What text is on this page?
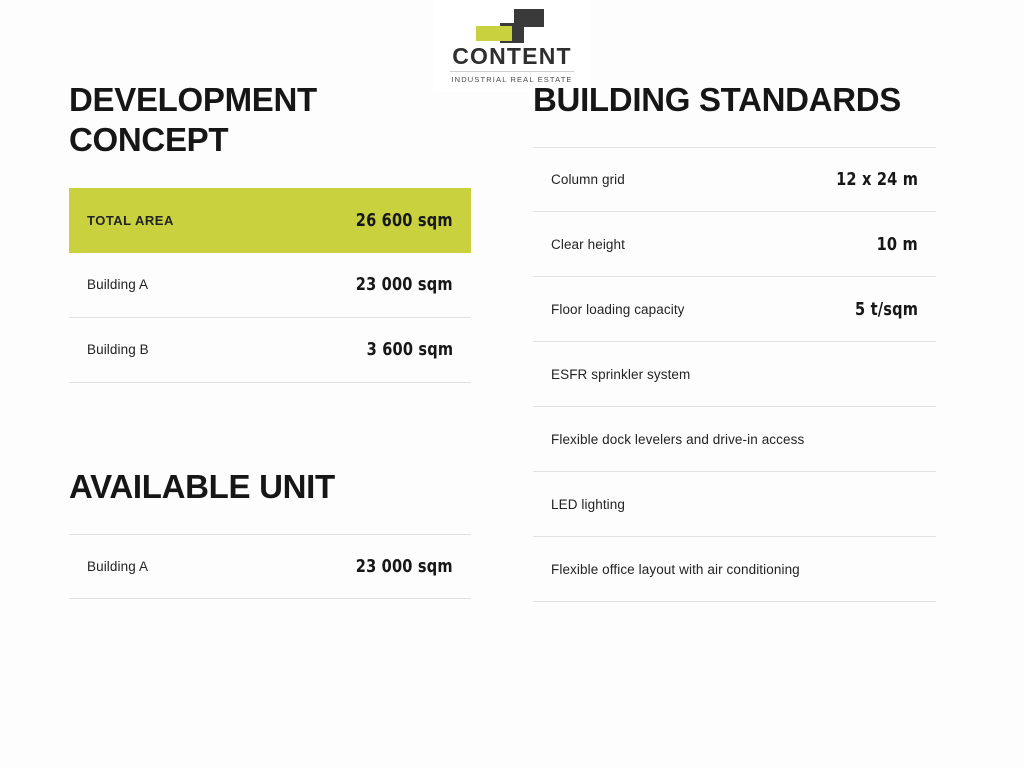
CONTENT
INDUSTRIAL REAL ESTATE
DEVELOPMENT CONCEPT
TOTAL AREA	26 600 sqm
Building A	23 000 sqm
Building B	3 600 sqm
AVAILABLE UNIT
Building A	23 000 sqm
BUILDING STANDARDS
Column grid	12 x 24 m
Clear height	10 m
Floor loading capacity	5 t/sqm
ESFR sprinkler system
Flexible dock levelers and drive-in access
LED lighting
Flexible office layout with air conditioning
